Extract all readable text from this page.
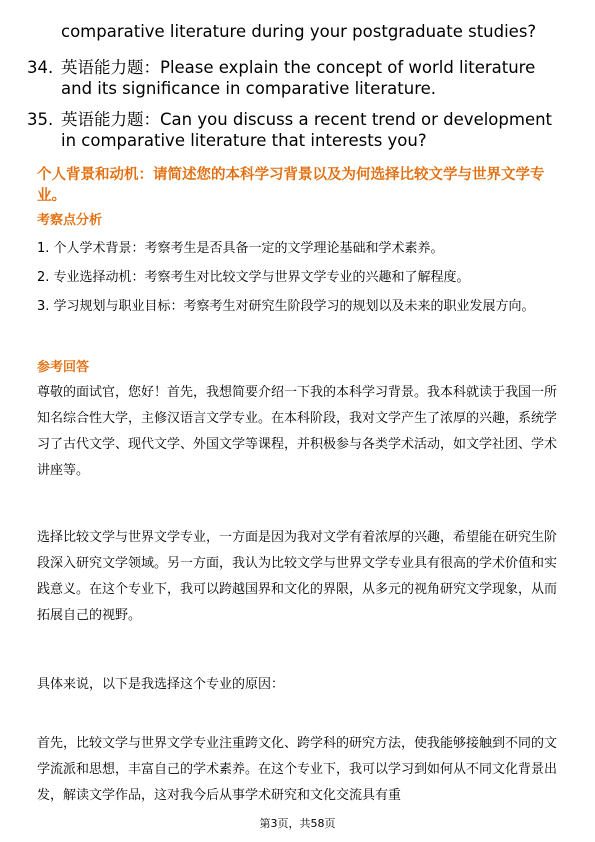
comparative literature during your postgraduate studies?
34. 英语能力题：Please explain the concept of world literature and its significance in comparative literature.
35. 英语能力题：Can you discuss a recent trend or development in comparative literature that interests you?
个人背景和动机：请简述您的本科学习背景以及为何选择比较文学与世界文学专业。
考察点分析
1. 个人学术背景：考察考生是否具备一定的文学理论基础和学术素养。
2. 专业选择动机：考察考生对比较文学与世界文学专业的兴趣和了解程度。
3. 学习规划与职业目标：考察考生对研究生阶段学习的规划以及未来的职业发展方向。
参考回答
尊敬的面试官，您好！首先，我想简要介绍一下我的本科学习背景。我本科就读于我国一所知名综合性大学，主修汉语言文学专业。在本科阶段，我对文学产生了浓厚的兴趣，系统学习了古代文学、现代文学、外国文学等课程，并积极参与各类学术活动，如文学社团、学术讲座等。
选择比较文学与世界文学专业，一方面是因为我对文学有着浓厚的兴趣，希望能在研究生阶段深入研究文学领域。另一方面，我认为比较文学与世界文学专业具有很高的学术价值和实践意义。在这个专业下，我可以跨越国界和文化的界限，从多元的视角研究文学现象，从而拓展自己的视野。
具体来说，以下是我选择这个专业的原因：
首先，比较文学与世界文学专业注重跨文化、跨学科的研究方法，使我能够接触到不同的文学流派和思想，丰富自己的学术素养。在这个专业下，我可以学习到如何从不同文化背景出发，解读文学作品，这对我今后从事学术研究和文化交流具有重
第3页，共58页
